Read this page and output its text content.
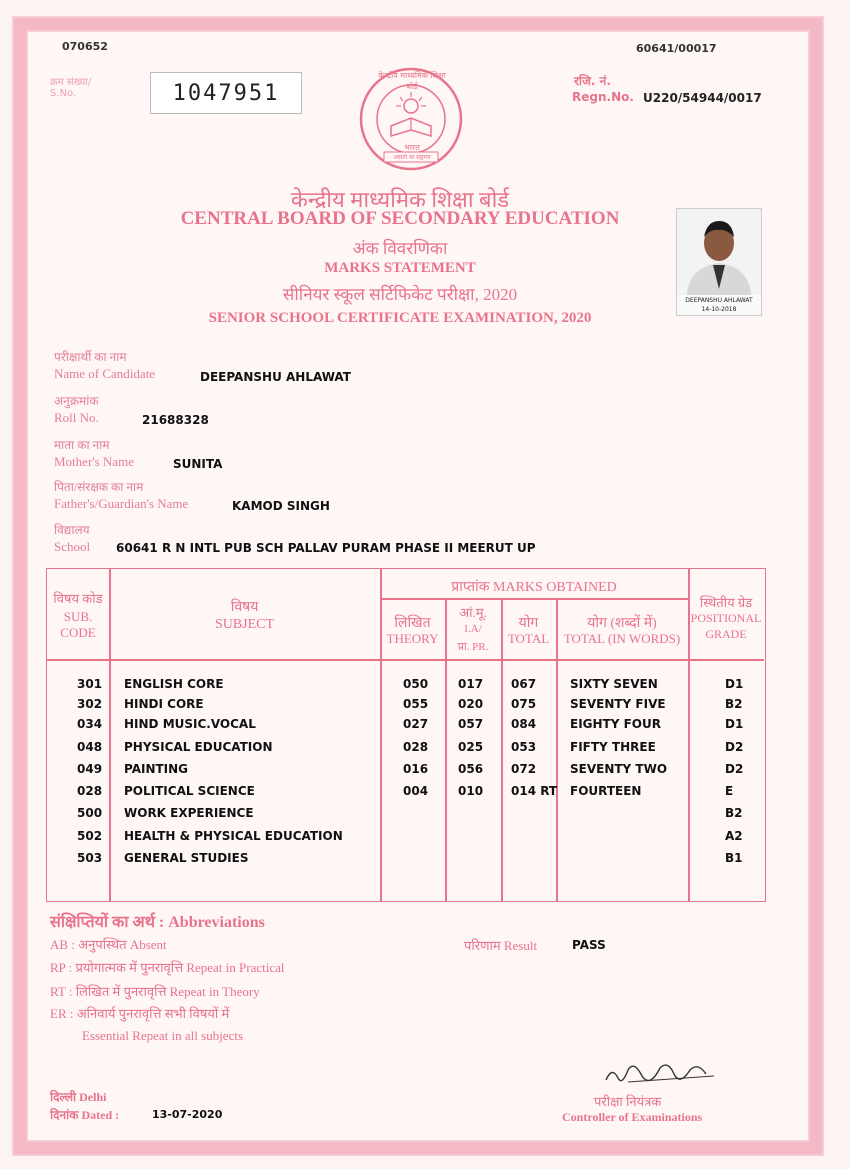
070652	60641/00017
क्रम संख्या/
S.No.	1047951
केन्द्रीय माध्यमिक शिक्षा बोर्ड
भारत
असतो मा सद्गमय
रजि. नं.
Regn.No. U220/54944/0017
केन्द्रीय माध्यमिक शिक्षा बोर्ड
CENTRAL BOARD OF SECONDARY EDUCATION
अंक विवरणिका
MARKS STATEMENT
सीनियर स्कूल सर्टिफिकेट परीक्षा, 2020
SENIOR SCHOOL CERTIFICATE EXAMINATION, 2020
DEEPANSHU AHLAWAT
14-10-2018
परीक्षार्थी का नाम
Name of Candidate	DEEPANSHU AHLAWAT
अनुक्रमांक
Roll No.	21688328
माता का नाम
Mother's Name	SUNITA
पिता/संरक्षक का नाम
Father's/Guardian's Name	KAMOD SINGH
विद्यालय
School 60641 R N INTL PUB SCH PALLAV PURAM PHASE II MEERUT UP
विषय कोड
SUB.
CODE
विषय
SUBJECT
प्राप्तांक MARKS OBTAINED
लिखित
THEORY
आं.मू.
I.A/
प्रा. PR.
योग
TOTAL
योग (शब्दों में)
TOTAL (IN WORDS)
स्थितीय ग्रेड
POSITIONAL
GRADE
301 ENGLISH CORE	050 017 067	SIXTY SEVEN	D1
302 HINDI CORE	055 020 075	SEVENTY FIVE	B2
034 HIND MUSIC.VOCAL	027 057 084	EIGHTY FOUR	D1
048 PHYSICAL EDUCATION	028 025 053	FIFTY THREE	D2
049 PAINTING	016 056 072	SEVENTY TWO	D2
028 POLITICAL SCIENCE	004 010 014 RT FOURTEEN	E
500 WORK EXPERIENCE	B2
502 HEALTH & PHYSICAL EDUCATION	A2
503 GENERAL STUDIES	B1
संक्षिप्तियों का अर्थ : Abbreviations
AB : अनुपस्थित Absent
RP : प्रयोगात्मक में पुनरावृत्ति Repeat in Practical
RT : लिखित में पुनरावृत्ति Repeat in Theory
ER : अनिवार्य पुनरावृत्ति सभी विषयों में
Essential Repeat in all subjects
परिणाम Result	PASS
दिल्ली Delhi
दिनांक Dated :	13-07-2020
परीक्षा नियंत्रक
Controller of Examinations
